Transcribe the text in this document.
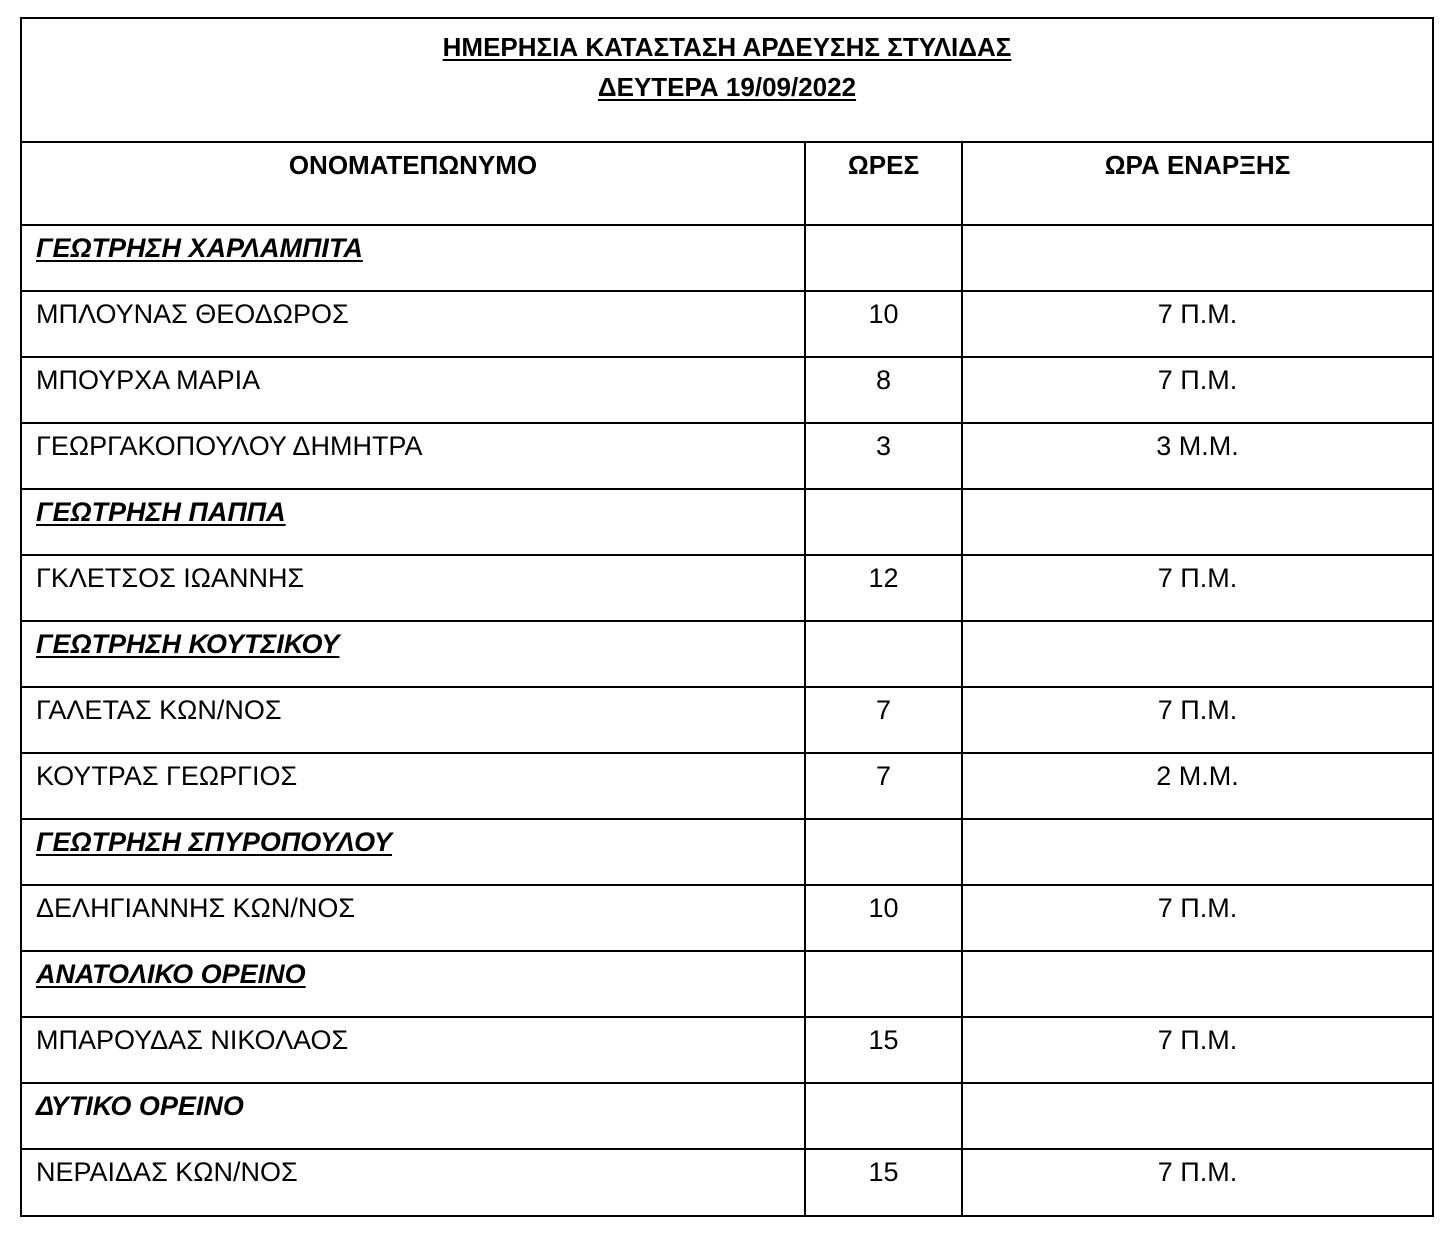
ΗΜΕΡΗΣΙΑ ΚΑΤΑΣΤΑΣΗ ΑΡΔΕΥΣΗΣ ΣΤΥΛΙΔΑΣ
ΔΕΥΤΕΡΑ 19/09/2022
ΟΝΟΜΑΤΕΠΩΝΥΜΟ	ΩΡΕΣ	ΩΡΑ ΕΝΑΡΞΗΣ
ΓΕΩΤΡΗΣΗ ΧΑΡΛΑΜΠΙΤΑ		
ΜΠΛΟΥΝΑΣ ΘΕΟΔΩΡΟΣ	10	7 Π.Μ.
ΜΠΟΥΡΧΑ ΜΑΡΙΑ	8	7 Π.Μ.
ΓΕΩΡΓΑΚΟΠΟΥΛΟΥ ΔΗΜΗΤΡΑ	3	3 Μ.Μ.
ΓΕΩΤΡΗΣΗ ΠΑΠΠΑ		
ΓΚΛΕΤΣΟΣ ΙΩΑΝΝΗΣ	12	7 Π.Μ.
ΓΕΩΤΡΗΣΗ ΚΟΥΤΣΙΚΟΥ		
ΓΑΛΕΤΑΣ ΚΩΝ/ΝΟΣ	7	7 Π.Μ.
ΚΟΥΤΡΑΣ ΓΕΩΡΓΙΟΣ	7	2 Μ.Μ.
ΓΕΩΤΡΗΣΗ ΣΠΥΡΟΠΟΥΛΟΥ		
ΔΕΛΗΓΙΑΝΝΗΣ ΚΩΝ/ΝΟΣ	10	7 Π.Μ.
ΑΝΑΤΟΛΙΚΟ ΟΡΕΙΝΟ		
ΜΠΑΡΟΥΔΑΣ ΝΙΚΟΛΑΟΣ	15	7 Π.Μ.
ΔΥΤΙΚΟ ΟΡΕΙΝΟ		
ΝΕΡΑΙΔΑΣ ΚΩΝ/ΝΟΣ	15	7 Π.Μ.
